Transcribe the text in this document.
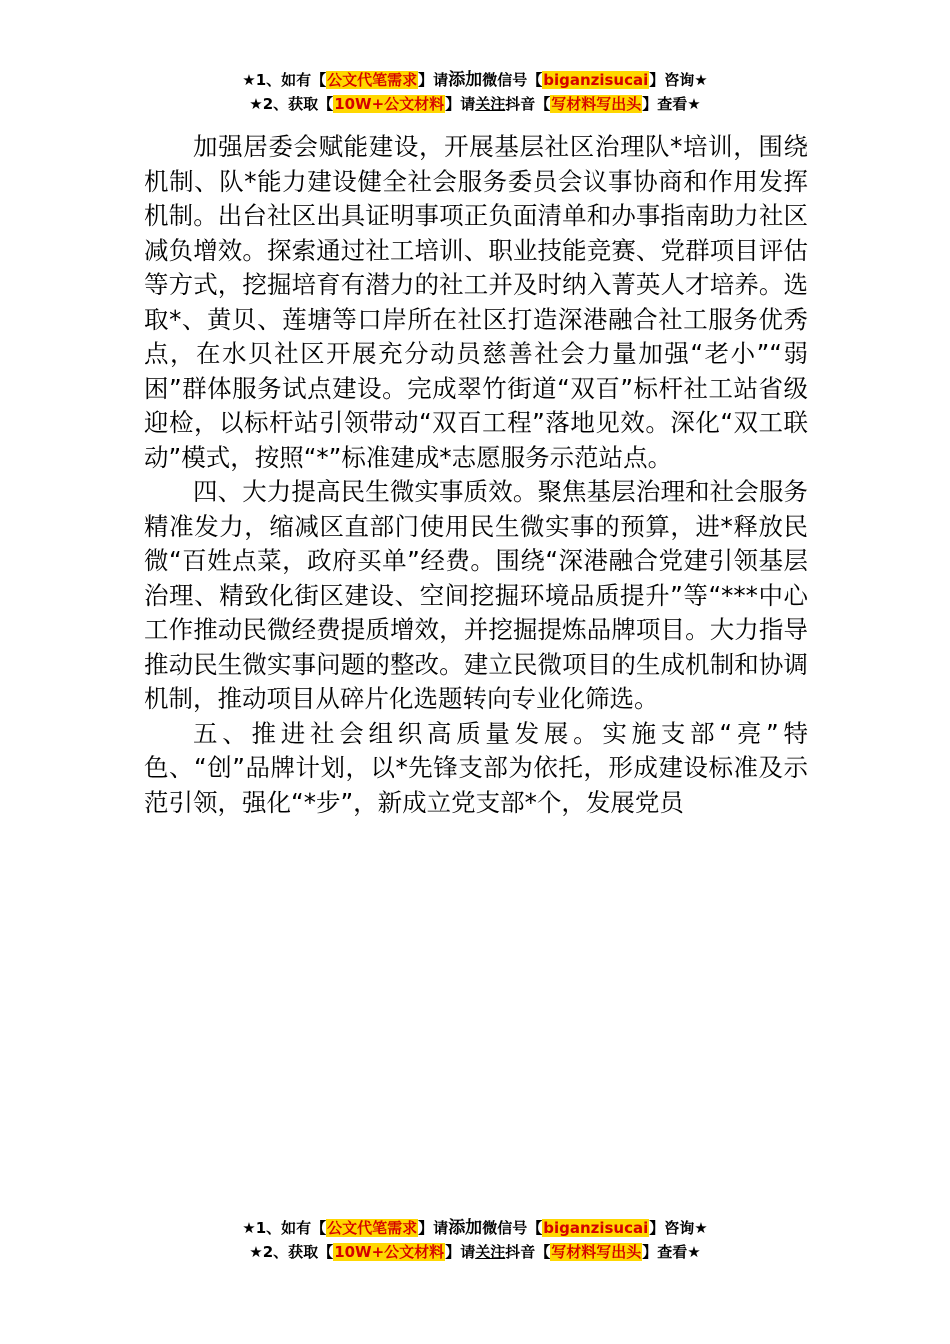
★1、如有【公文代笔需求】请添加微信号【biganzisucai】咨询★
★2、获取【10W+公文材料】请关注抖音【写材料写出头】查看★

加强居委会赋能建设，开展基层社区治理队*培训，围绕机制、队*能力建设健全社会服务委员会议事协商和作用发挥机制。出台社区出具证明事项正负面清单和办事指南助力社区减负增效。探索通过社工培训、职业技能竞赛、党群项目评估等方式，挖掘培育有潜力的社工并及时纳入菁英人才培养。选取*、黄贝、莲塘等口岸所在社区打造深港融合社工服务优秀点，在水贝社区开展充分动员慈善社会力量加强“老小”“弱困”群体服务试点建设。完成翠竹街道“双百”标杆社工站省级迎检，以标杆站引领带动“双百工程”落地见效。深化“双工联动”模式，按照“*”标准建成*志愿服务示范站点。

四、大力提高民生微实事质效。聚焦基层治理和社会服务精准发力，缩减区直部门使用民生微实事的预算，进*释放民微“百姓点菜，政府买单”经费。围绕“深港融合党建引领基层治理、精致化街区建设、空间挖掘环境品质提升”等“***中心工作推动民微经费提质增效，并挖掘提炼品牌项目。大力指导推动民生微实事问题的整改。建立民微项目的生成机制和协调机制，推动项目从碎片化选题转向专业化筛选。

五、推进社会组织高质量发展。实施支部“亮”特色、“创”品牌计划，以*先锋支部为依托，形成建设标准及示范引领，强化“*步”，新成立党支部*个，发展党员

★1、如有【公文代笔需求】请添加微信号【biganzisucai】咨询★
★2、获取【10W+公文材料】请关注抖音【写材料写出头】查看★
